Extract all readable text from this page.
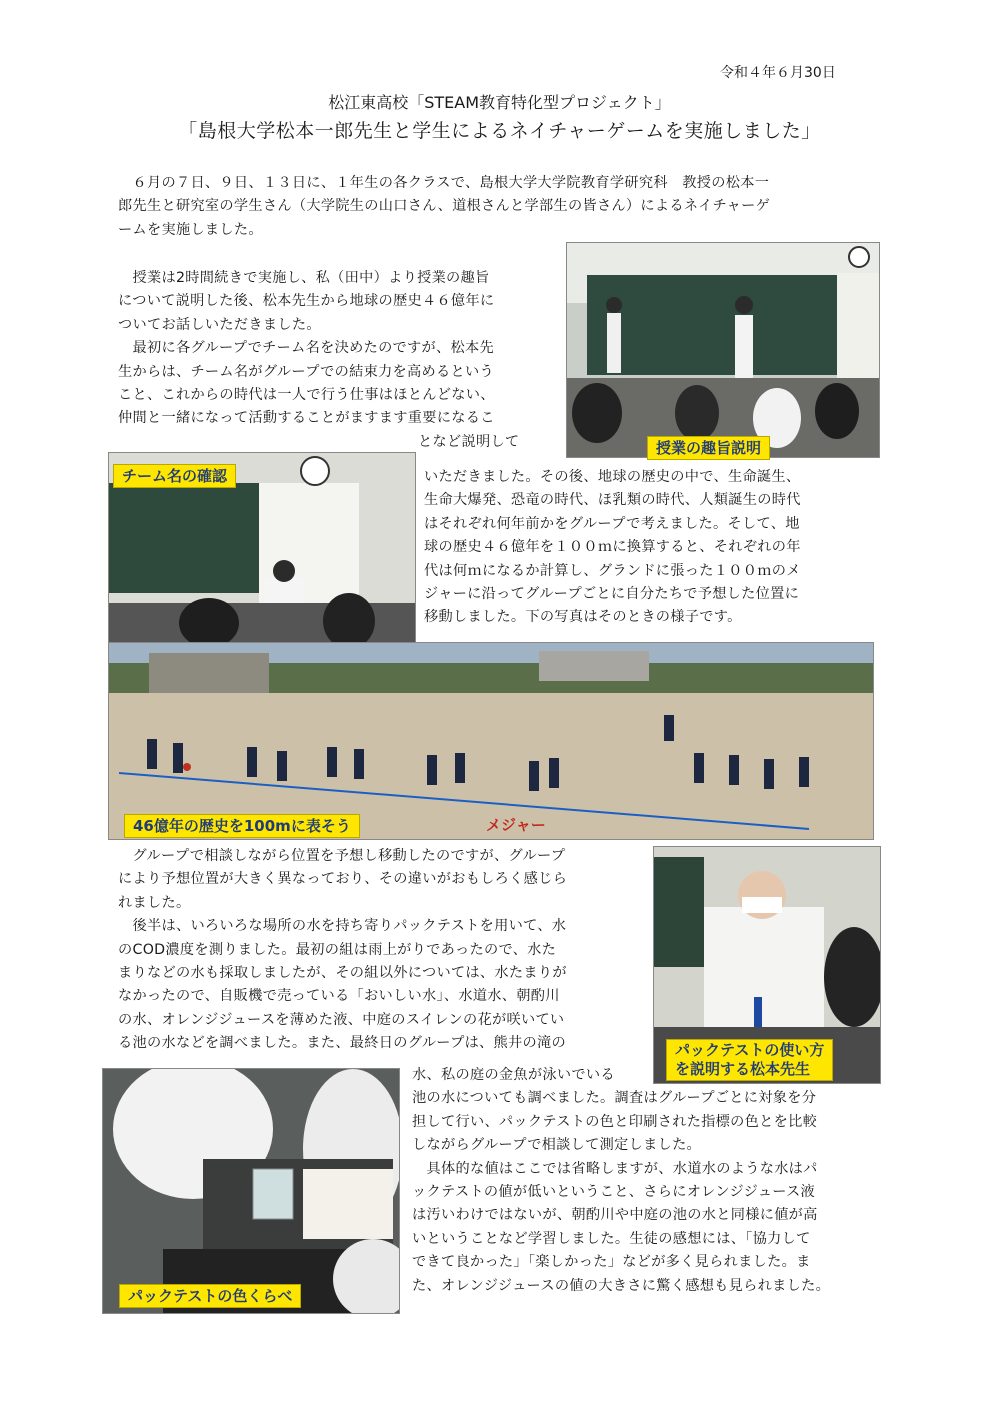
令和４年６月30日
松江東高校「STEAM教育特化型プロジェクト」
「島根大学松本一郎先生と学生によるネイチャーゲームを実施しました」
　６月の７日、９日、１３日に、１年生の各クラスで、島根大学大学院教育学研究科　教授の松本一
郎先生と研究室の学生さん（大学院生の山口さん、道根さんと学部生の皆さん）によるネイチャーゲ
ームを実施しました。
授業の趣旨説明
　授業は2時間続きで実施し、私（田中）より授業の趣旨
について説明した後、松本先生から地球の歴史４６億年に
ついてお話しいただきました。
　最初に各グループでチーム名を決めたのですが、松本先
生からは、チーム名がグループでの結束力を高めるという
こと、これからの時代は一人で行う仕事はほとんどない、
仲間と一緒になって活動することがますます重要になるこ
となど説明して
チーム名の確認	いただきました。その後、地球の歴史の中で、生命誕生、
生命大爆発、恐竜の時代、ほ乳類の時代、人類誕生の時代
はそれぞれ何年前かをグループで考えました。そして、地
球の歴史４６億年を１００ｍに換算すると、それぞれの年
代は何ｍになるか計算し、グランドに張った１００ｍのメ
ジャーに沿ってグループごとに自分たちで予想した位置に
移動しました。下の写真はそのときの様子です。
46億年の歴史を100mに表そう	メジャー
パックテストの使い方
を説明する松本先生
　グループで相談しながら位置を予想し移動したのですが、グループ
により予想位置が大きく異なっており、その違いがおもしろく感じら
れました。
　後半は、いろいろな場所の水を持ち寄りパックテストを用いて、水
のCOD濃度を測りました。最初の組は雨上がりであったので、水た
まりなどの水も採取しましたが、その組以外については、水たまりが
なかったので、自販機で売っている「おいしい水」、水道水、朝酌川
の水、オレンジジュースを薄めた液、中庭のスイレンの花が咲いてい
る池の水などを調べました。また、最終日のグループは、熊井の滝の
パックテストの色くらべ
水、私の庭の金魚が泳いでいる
池の水についても調べました。調査はグループごとに対象を分
担して行い、パックテストの色と印刷された指標の色とを比較
しながらグループで相談して測定しました。
　具体的な値はここでは省略しますが、水道水のような水はパ
ックテストの値が低いということ、さらにオレンジジュース液
は汚いわけではないが、朝酌川や中庭の池の水と同様に値が高
いということなど学習しました。生徒の感想には、「協力して
できて良かった」「楽しかった」などが多く見られました。ま
た、オレンジジュースの値の大きさに驚く感想も見られました。
